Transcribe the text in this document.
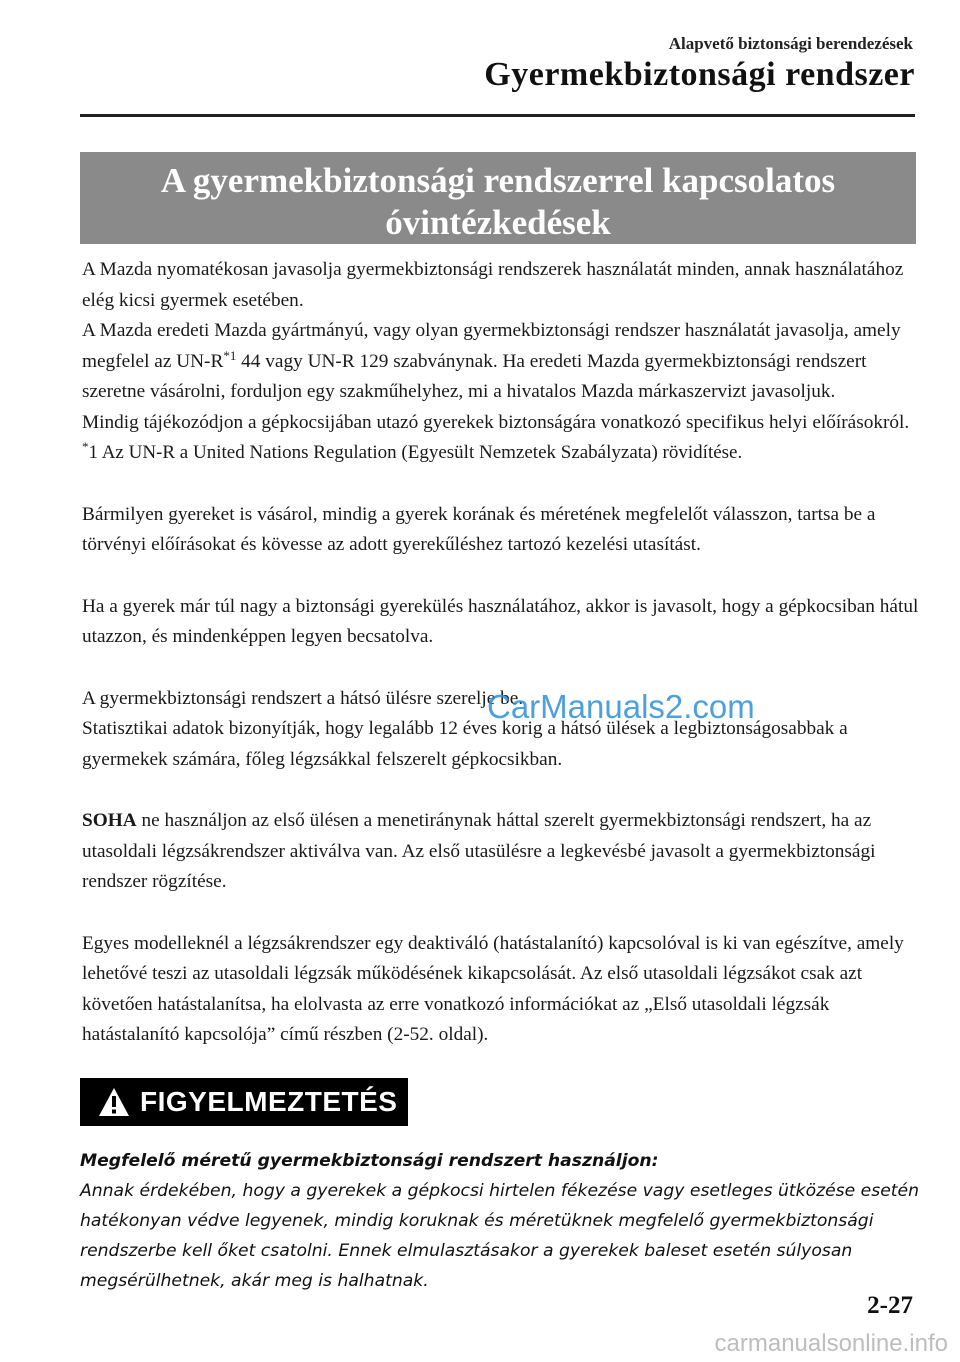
Alapvető biztonsági berendezések
Gyermekbiztonsági rendszer
A gyermekbiztonsági rendszerrel kapcsolatos
óvintézkedések

A Mazda nyomatékosan javasolja gyermekbiztonsági rendszerek használatát minden, annak használatához elég kicsi gyermek esetében.

A Mazda eredeti Mazda gyártmányú, vagy olyan gyermekbiztonsági rendszer használatát javasolja, amely megfelel az $UN-R^{*1}$ 44 vagy UN-R 129 szabványnak. Ha eredeti Mazda gyermekbiztonsági rendszert szeretne vásárolni, forduljon egy szakműhelyhez, mi a hivatalos Mazda márkaszervizt javasoljuk.

Mindig tájékozódjon a gépkocsijában utazó gyerekek biztonságára vonatkozó specifikus helyi előírásokról.

*1 Az UN-R a United Nations Regulation (Egyesült Nemzetek Szabályzata) rövidítése.

Bármilyen gyereket is vásárol, mindig a gyerek korának és méretének megfelelőt válasszon, tartsa be a törvényi előírásokat és kövesse az adott gyerekűléshez tartozó kezelési utasítást.

Ha a gyerek már túl nagy a biztonsági gyerekülés használatához, akkor is javasolt, hogy a gépkocsiban hátul utazzon, és mindenképpen legyen becsatolva.

A gyermekbiztonsági rendszert a hátsó ülésre szerelje be.

Statisztikai adatok bizonyítják, hogy legalább 12 éves korig a hátsó ülések a legbiztonságosabbak a gyermekek számára, főleg légzsákkal felszerelt gépkocsikban.

SOHA ne használjon az első ülésen a menetiránynak háttal szerelt gyermekbiztonsági rendszert, ha az utasoldali légzsákrendszer aktiválva van. Az első utasülésre a legkevésbé javasolt a gyermekbiztonsági rendszer rögzítése.

Egyes modelleknél a légzsákrendszer egy deaktiváló (hatástalanító) kapcsolóval is ki van egészítve, amely lehetővé teszi az utasoldali légzsák működésének kikapcsolását. Az első utasoldali légzsákot csak azt követően hatástalanítsa, ha elolvasta az erre vonatkozó információkat az „Első utasoldali légzsák hatástalanító kapcsolója” című részben (2-52. oldal).

FIGYELMEZTETÉS

Megfelelő méretű gyermekbiztonsági rendszert használjon:

Annak érdekében, hogy a gyerekek a gépkocsi hirtelen fékezése vagy esetleges ütközése esetén hatékonyan védve legyenek, mindig koruknak és méretüknek megfelelő gyermekbiztonsági rendszerbe kell őket csatolni. Ennek elmulasztásakor a gyerekek baleset esetén súlyosan megsérülhetnek, akár meg is halhatnak.

CarManuals2.com
2-27
carmanualsonline.info
